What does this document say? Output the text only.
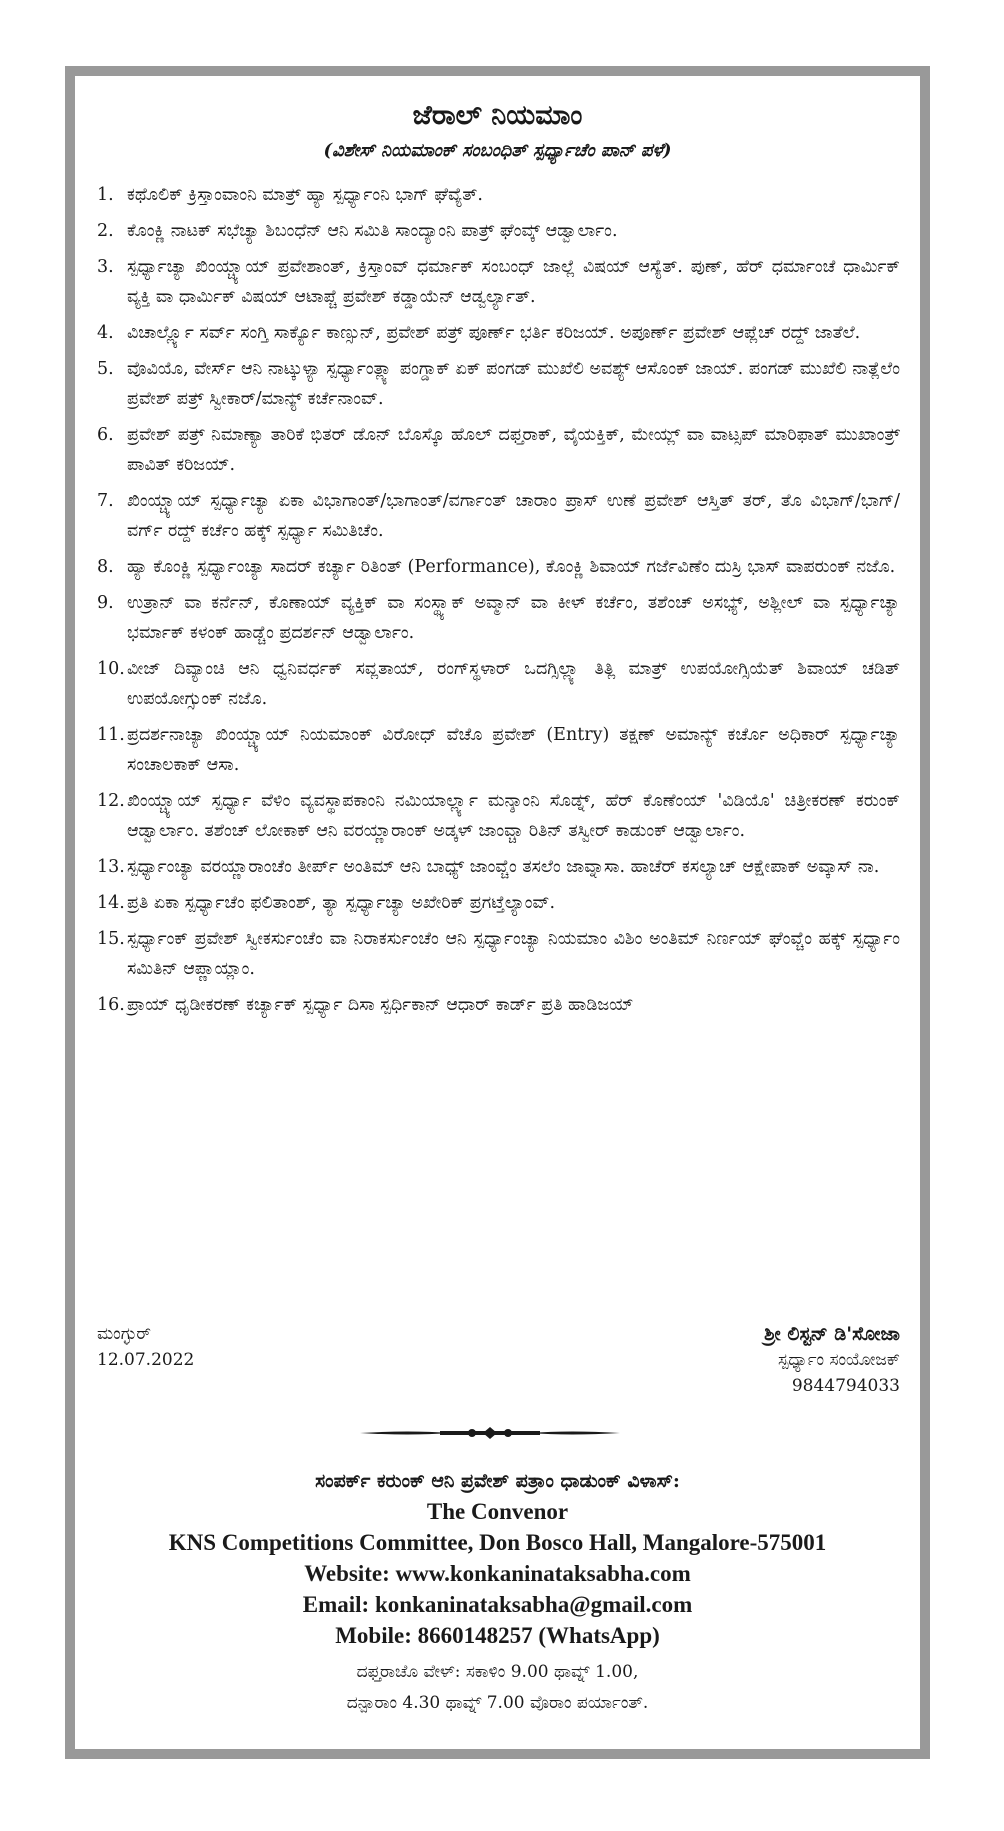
ಜೆರಾಲ್ ನಿಯಮಾಂ
(ವಿಶೇಸ್ ನಿಯಮಾಂಕ್ ಸಂಬಂಧಿತ್ ಸ್ಪರ್ಧ್ಯಾಚೆಂ ಪಾನ್ ಪಳೆ)
1. ಕಥೊಲಿಕ್ ಕ್ರಿಸ್ತಾಂವಾಂನಿ ಮಾತ್ರ್ ಹ್ಯಾ ಸ್ಪರ್ಧ್ಯಾಂನಿ ಭಾಗ್ ಘೆವ್ಯೆತ್.
2. ಕೊಂಕ್ಣಿ ನಾಟಕ್ ಸಭೆಚ್ಯಾ ಶಿಬಂಧೆನ್ ಆನಿ ಸಮಿತಿ ಸಾಂದ್ಯಾಂನಿ ಪಾತ್ರ್ ಘೆಂವ್ಕ್ ಆಡ್ವಾರ್ಲಾಂ.
3. ಸ್ಪರ್ಧ್ಯಾಚ್ಯಾ ಖಿಂಯ್ಚ್ಯಾಯ್ ಪ್ರವೇಶಾಂತ್, ಕ್ರಿಸ್ತಾಂವ್ ಧರ್ಮಾಕ್ ಸಂಬಂಧ್ ಜಾಲ್ಲೆ ವಿಷಯ್ ಆಸ್ಯೆತ್. ಪುಣ್, ಹೆರ್ ಧರ್ಮಾಂಚೆ ಧಾರ್ಮಿಕ್ ವ್ಯಕ್ತಿ ವಾ ಧಾರ್ಮಿಕ್ ವಿಷಯ್ ಆಟಾಪ್ಚೆ ಪ್ರವೇಶ್ ಕಡ್ಡಾಯೆನ್ ಆಡ್ವರ್ಲ್ಯಾತ್.
4. ವಿಚಾರ್ಲ್ಲ್ಯೊ ಸರ್ವ್ ಸಂಗ್ತಿ ಸಾರ್ಕ್ಯೊ ಕಾಣ್ಸುನ್, ಪ್ರವೇಶ್ ಪತ್ರ್ ಪೂರ್ಣ್ ಭರ್ತಿ ಕರಿಜಯ್. ಅಪೂರ್ಣ್ ಪ್ರವೇಶ್ ಆಪ್ಲೆಚ್ ರದ್ದ್ ಜಾತೆಲೆ.
5. ವೊವಿಯೊ, ವೇರ್ಸ್ ಆನಿ ನಾಟ್ಕುಳ್ಯಾ ಸ್ಪರ್ಧ್ಯಾಂತ್ಲ್ಯಾ ಪಂಗ್ಡಾಕ್ ಏಕ್ ಪಂಗಡ್ ಮುಖೆಲಿ ಅವಶ್ಯ್ ಆಸೊಂಕ್ ಜಾಯ್. ಪಂಗಡ್ ಮುಖೆಲಿ ನಾತ್ಲೆಲೆಂ ಪ್ರವೇಶ್ ಪತ್ರ್ ಸ್ವೀಕಾರ್/ಮಾನ್ಯ್ ಕರ್ಚೆನಾಂವ್.
6. ಪ್ರವೇಶ್ ಪತ್ರ್ ನಿಮಾಣ್ಯಾ ತಾರಿಕೆ ಭಿತರ್ ಡೊನ್ ಬೊಸ್ಕೊ ಹೊಲ್ ದಫ್ತರಾಕ್, ವೈಯಕ್ತಿಕ್, ಮೇಯ್ಲ್ ವಾ ವಾಟ್ಸಪ್ ಮಾರಿಫಾತ್ ಮುಖಾಂತ್ರ್ ಪಾವಿತ್ ಕರಿಜಯ್.
7. ಖಿಂಯ್ಚ್ಯಾಯ್ ಸ್ಪರ್ಧ್ಯಾಚ್ಯಾ ಏಕಾ ವಿಭಾಗಾಂತ್/ಭಾಗಾಂತ್/ವರ್ಗಾಂತ್ ಚಾರಾಂ ಪ್ರಾಸ್ ಉಣೆ ಪ್ರವೇಶ್ ಆಸ್ತಿತ್ ತರ್, ತೊ ವಿಭಾಗ್/ಭಾಗ್/ವರ್ಗ್ ರದ್ದ್ ಕರ್ಚೆಂ ಹಕ್ಕ್ ಸ್ಪರ್ಧ್ಯಾ ಸಮಿತಿಚೆಂ.
8. ಹ್ಯಾ ಕೊಂಕ್ಣಿ ಸ್ಪರ್ಧ್ಯಾಂಚ್ಯಾ ಸಾದರ್ ಕರ್ಚ್ಯಾ ರಿತಿಂತ್ (Performance), ಕೊಂಕ್ಣಿ ಶಿವಾಯ್ ಗರ್ಜೆವಿಣೆಂ ದುಸ್ರಿ ಭಾಸ್ ವಾಪರುಂಕ್ ನಜೊ.
9. ಉತ್ರಾನ್ ವಾ ಕರ್ನೆನ್, ಕೊಣಾಯ್ ವ್ಯಕ್ತಿಕ್ ವಾ ಸಂಸ್ಥ್ಯಾಕ್ ಅವ್ಮಾನ್ ವಾ ಕೀಳ್ ಕರ್ಚೆಂ, ತಶೆಂಚ್ ಅಸಭ್ಯ್, ಅಶ್ಲೀಲ್ ವಾ ಸ್ಪರ್ಧ್ಯಾಚ್ಯಾ ಭರ್ಮಾಕ್ ಕಳಂಕ್ ಹಾಡ್ಚೆಂ ಪ್ರದರ್ಶನ್ ಆಡ್ವಾರ್ಲಾಂ.
10. ವೀಜ್ ದಿವ್ಯಾಂಚಿ ಆನಿ ಧ್ವನಿವರ್ಧಕ್ ಸವ್ಲತಾಯ್, ರಂಗ್‌ಸ್ಥಳಾರ್ ಒದಗ್ಸಿಲ್ಲ್ಯಾ ತಿತ್ಲಿ ಮಾತ್ರ್ ಉಪಯೋಗ್ಸಿಯೆತ್ ಶಿವಾಯ್ ಚಡಿತ್ ಉಪಯೋಗ್ಸುಂಕ್ ನಜೊ.
11. ಪ್ರದರ್ಶನಾಚ್ಯಾ ಖಿಂಯ್ಚ್ಯಾಯ್ ನಿಯಮಾಂಕ್ ವಿರೋಧ್ ವೆಚೊ ಪ್ರವೇಶ್ (Entry) ತಕ್ಷಣ್ ಅಮಾನ್ಯ್ ಕರ್ಚೊ ಅಧಿಕಾರ್ ಸ್ಪರ್ಧ್ಯಾಚ್ಯಾ ಸಂಚಾಲಕಾಕ್ ಆಸಾ.
12. ಖಿಂಯ್ಚ್ಯಾಯ್ ಸ್ಪರ್ಧ್ಯಾ ವೆಳಿಂ ವ್ಯವಸ್ಥಾಪಕಾಂನಿ ನಮಿಯಾರ್ಲ್ಲ್ಯಾ ಮನ್ಶಾಂನಿ ಸೊಡ್ನ್, ಹೆರ್ ಕೊಣೆಂಯ್ 'ವಿಡಿಯೊ' ಚಿತ್ರೀಕರಣ್ ಕರುಂಕ್ ಆಡ್ವಾರ್ಲಾಂ. ತಶೆಂಚ್ ಲೋಕಾಕ್ ಆನಿ ವರಯ್ಣಾರಾಂಕ್ ಅಡ್ಕಳ್ ಜಾಂವ್ಚಾ ರಿತಿನ್ ತಸ್ವೀರ್ ಕಾಡುಂಕ್ ಆಡ್ವಾರ್ಲಾಂ.
13. ಸ್ಪರ್ಧ್ಯಾಂಚ್ಯಾ ವರಯ್ಣಾರಾಂಚೆಂ ತೀರ್ಪ್ ಅಂತಿಮ್ ಆನಿ ಬಾಧ್ಯ್ ಜಾಂವ್ಚೆಂ ತಸಲೆಂ ಜಾವ್ನಾಸಾ. ಹಾಚೆರ್ ಕಸಲ್ಯಾಚ್ ಆಕ್ಷೇಪಾಕ್ ಅವ್ಕಾಸ್ ನಾ.
14. ಪ್ರತಿ ಏಕಾ ಸ್ಪರ್ಧ್ಯಾಚೆಂ ಫಲಿತಾಂಶ್, ತ್ಯಾ ಸ್ಪರ್ಧ್ಯಾಚ್ಯಾ ಅಖೇರಿಕ್ ಪ್ರಗಟ್ತೆಲ್ಯಾಂವ್.
15. ಸ್ಪರ್ಧ್ಯಾಂಕ್ ಪ್ರವೇಶ್ ಸ್ವೀಕರ್ಸುಂಚೆಂ ವಾ ನಿರಾಕರ್ಸುಂಚೆಂ ಆನಿ ಸ್ಪರ್ಧ್ಯಾಂಚ್ಯಾ ನಿಯಮಾಂ ವಿಶಿಂ ಅಂತಿಮ್ ನಿರ್ಣಯ್ ಘೆಂವ್ಚೆಂ ಹಕ್ಕ್ ಸ್ಪರ್ಧ್ಯಾಂ ಸಮಿತಿನ್ ಆಪ್ಣಾಯ್ಲಾಂ.
16. ಪ್ರಾಯ್ ಧೃಡೀಕರಣ್ ಕರ್ಚ್ಯಾಕ್ ಸ್ಪರ್ಧ್ಯಾ ದಿಸಾ ಸ್ಪರ್ಧಿಕಾನ್ ಆಧಾರ್ ಕಾರ್ಡ್ ಪ್ರತಿ ಹಾಡಿಜಯ್
ಮಂಗ್ಳುರ್
12.07.2022
ಶ್ರೀ ಲಿಸ್ಟನ್ ಡಿ'ಸೋಜಾ
ಸ್ಪರ್ಧ್ಯಾಂ ಸಂಯೋಜಕ್
9844794033
ಸಂಪರ್ಕ್ ಕರುಂಕ್ ಆನಿ ಪ್ರವೇಶ್ ಪತ್ರಾಂ ಧಾಡುಂಕ್ ವಿಳಾಸ್:
The Convenor
KNS Competitions Committee, Don Bosco Hall, Mangalore-575001
Website: www.konkaninataksabha.com
Email: konkaninataksabha@gmail.com
Mobile: 8660148257 (WhatsApp)
ದಫ್ತರಾಚೊ ವೇಳ್: ಸಕಾಳಿಂ 9.00 ಥಾವ್ನ್ 1.00,
ದನ್ಪಾರಾಂ 4.30 ಥಾವ್ನ್ 7.00 ವೊರಾಂ ಪರ್ಯಾಂತ್.
